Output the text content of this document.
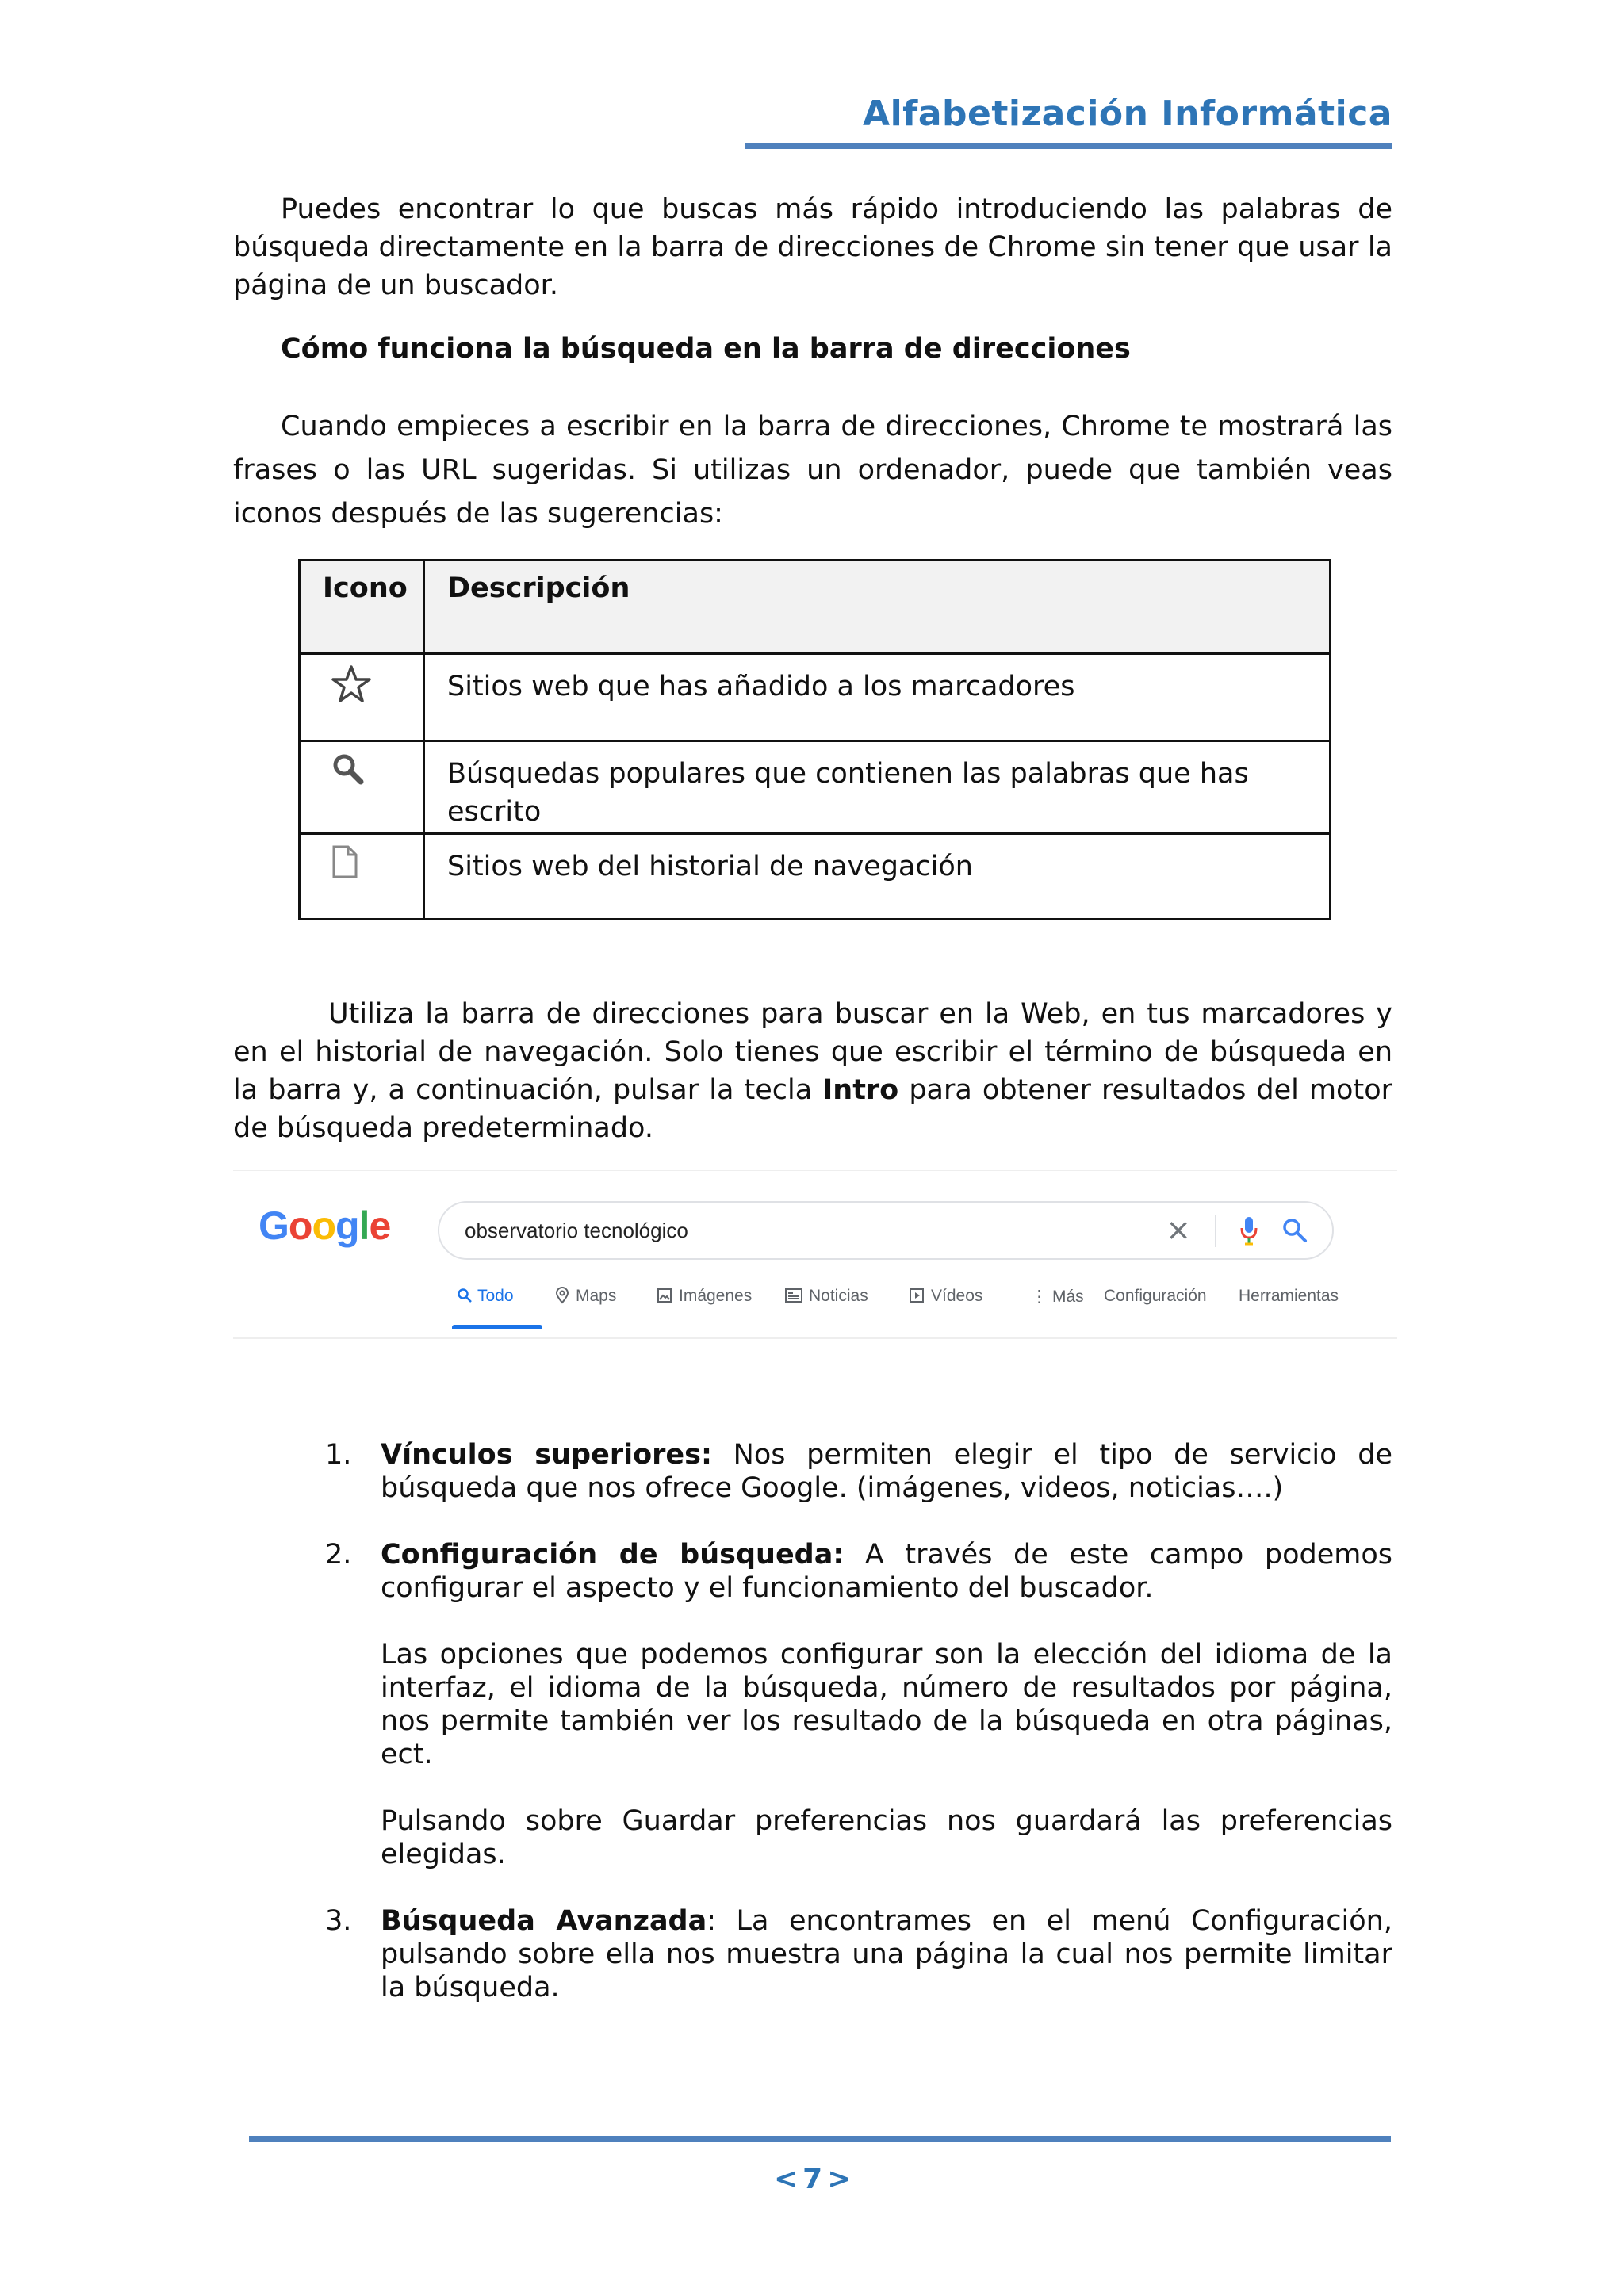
Alfabetización Informática

Puedes encontrar lo que buscas más rápido introduciendo las palabras de búsqueda directamente en la barra de direcciones de Chrome sin tener que usar la página de un buscador.

Cómo funciona la búsqueda en la barra de direcciones

Cuando empieces a escribir en la barra de direcciones, Chrome te mostrará las frases o las URL sugeridas. Si utilizas un ordenador, puede que también veas iconos después de las sugerencias:

Icono	Descripción

Sitios web que has añadido a los marcadores

Búsquedas populares que contienen las palabras que has escrito

Sitios web del historial de navegación

Utiliza la barra de direcciones para buscar en la Web, en tus marcadores y en el historial de navegación. Solo tienes que escribir el término de búsqueda en la barra y, a continuación, pulsar la tecla Intro para obtener resultados del motor de búsqueda predeterminado.

Google	observatorio tecnológico	×
Todo	Maps	Imágenes	Noticias	Vídeos	⋮ Más Configuración Herramientas
1. Vínculos superiores: Nos permiten elegir el tipo de servicio de búsqueda que nos ofrece Google. (imágenes, videos, noticias….)

2. Configuración de búsqueda: A través de este campo podemos configurar el aspecto y el funcionamiento del buscador.

Las opciones que podemos configurar son la elección del idioma de la interfaz, el idioma de la búsqueda, número de resultados por página, nos permite también ver los resultado de la búsqueda en otra páginas, ect.

Pulsando sobre Guardar preferencias nos guardará las preferencias elegidas.

3. Búsqueda Avanzada: La encontrames en el menú Configuración, pulsando sobre ella nos muestra una página la cual nos permite limitar la búsqueda.

< 7 >
